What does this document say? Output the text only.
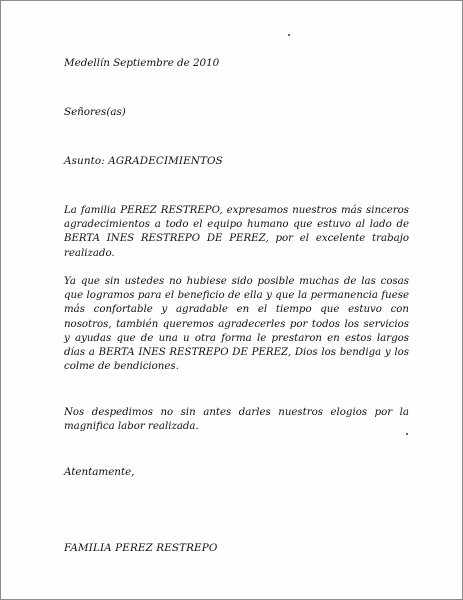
Medellín Septiembre de 2010

Señores(as)

Asunto: AGRADECIMIENTOS

La familia PEREZ RESTREPO, expresamos nuestros más sinceros agradecimientos a todo el equipo humano que estuvo al lado de BERTA INES RESTREPO DE PEREZ, por el excelente trabajo realizado.

Ya que sin ustedes no hubiese sido posible muchas de las cosas que logramos para el beneficio de ella y que la permanencia fuese más confortable y agradable en el tiempo que estuvo con nosotros, también queremos agradecerles por todos los servicios y ayudas que de una u otra forma le prestaron en estos largos días a BERTA INES RESTREPO DE PEREZ, Dios los bendiga y los colme de bendiciones.

Nos despedimos no sin antes darles nuestros elogios por la magnifica labor realizada.

Atentamente,

FAMILIA PEREZ RESTREPO
